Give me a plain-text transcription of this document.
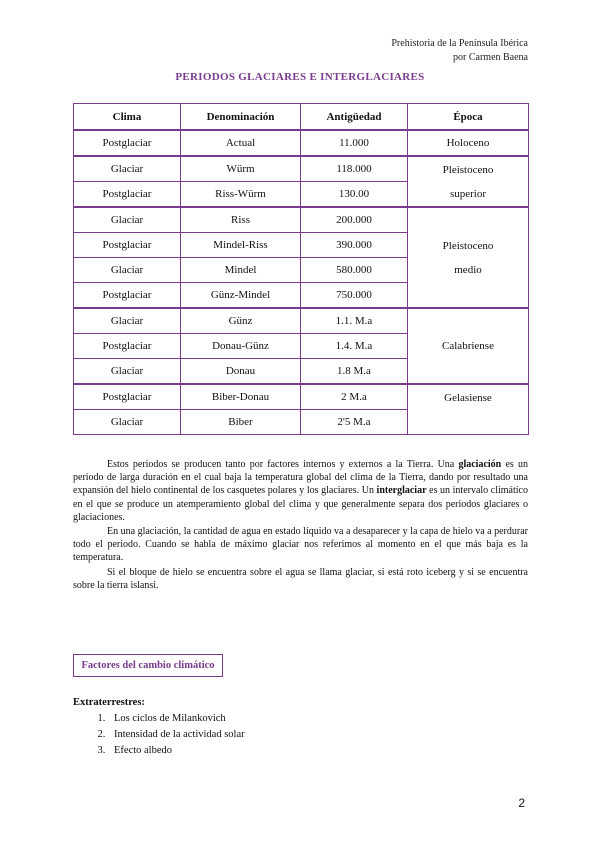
Prehistoria de la Península Ibérica
por Carmen Baena
PERIODOS GLACIARES E INTERGLACIARES
Clima	Denominación	Antigüedad	Época
Postglaciar	Actual	11.000	Holoceno
Glaciar	Würm	118.000	Pleistoceno
superior

Postglaciar	Riss-Würm	130.00	
Glaciar	Riss	200.000	Pleistoceno
medio

Postglaciar	Mindel-Riss	390.000	
Glaciar	Mindel	580.000	
Postglaciar	Günz-Mindel	750.000	
Glaciar	Günz	1.1. M.a	Calabriense
Postglaciar	Donau-Günz	1.4. M.a	
Glaciar	Donau	1.8 M.a	
Postglaciar	Biber-Donau	2 M.a	Gelasiense
Glaciar	Biber	2'5 M.a	

Estos periodos se producen tanto por factores internos y externos a la Tierra. Una glaciación es un periodo de larga duración en el cual baja la temperatura global del clima de la Tierra, dando por resultado una expansión del hielo continental de los casquetes polares y los glaciares. Un interglaciar es un intervalo climático en el que se produce un atemperamiento global del clima y que generalmente separa dos periodos glaciares o glaciaciones.

En una glaciación, la cantidad de agua en estado líquido va a desaparecer y la capa de hielo va a perdurar todo el periodo. Cuando se habla de máximo glaciar nos referimos al momento en el que más baja es la temperatura.

Si el bloque de hielo se encuentra sobre el agua se llama glaciar, si está roto iceberg y si se encuentra sobre la tierra islansi.

Factores del cambio climático
Extraterrestres:
1. Los ciclos de Milankovich
2. Intensidad de la actividad solar
3. Efecto albedo
2
